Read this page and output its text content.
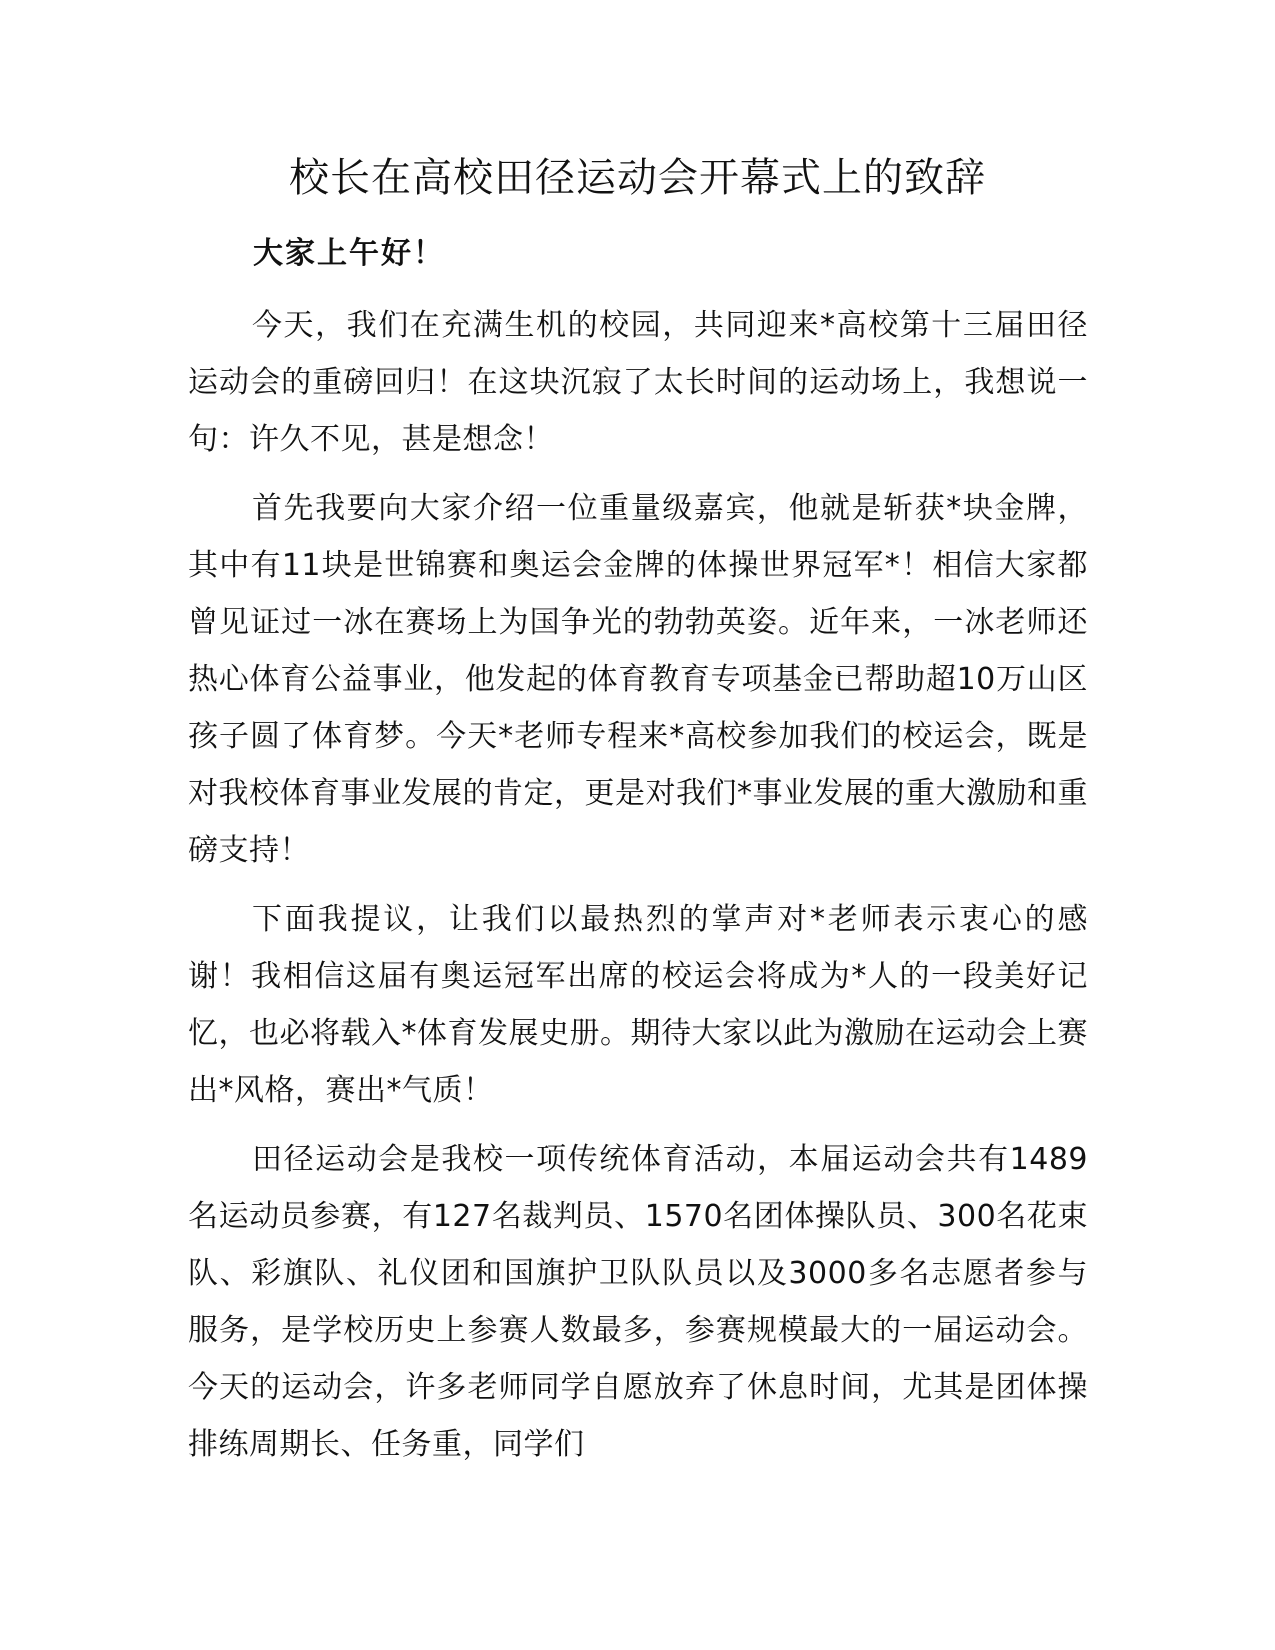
校长在高校田径运动会开幕式上的致辞

大家上午好！

今天，我们在充满生机的校园，共同迎来*高校第十三届田径运动会的重磅回归！在这块沉寂了太长时间的运动场上，我想说一句：许久不见，甚是想念！

首先我要向大家介绍一位重量级嘉宾，他就是斩获*块金牌，其中有11块是世锦赛和奥运会金牌的体操世界冠军*！相信大家都曾见证过一冰在赛场上为国争光的勃勃英姿。近年来，一冰老师还热心体育公益事业，他发起的体育教育专项基金已帮助超10万山区孩子圆了体育梦。今天*老师专程来*高校参加我们的校运会，既是对我校体育事业发展的肯定，更是对我们*事业发展的重大激励和重磅支持！

下面我提议，让我们以最热烈的掌声对*老师表示衷心的感谢！我相信这届有奥运冠军出席的校运会将成为*人的一段美好记忆，也必将载入*体育发展史册。期待大家以此为激励在运动会上赛出*风格，赛出*气质！

田径运动会是我校一项传统体育活动，本届运动会共有1489名运动员参赛，有127名裁判员、1570名团体操队员、300名花束队、彩旗队、礼仪团和国旗护卫队队员以及3000多名志愿者参与服务，是学校历史上参赛人数最多，参赛规模最大的一届运动会。今天的运动会，许多老师同学自愿放弃了休息时间，尤其是团体操排练周期长、任务重，同学们
